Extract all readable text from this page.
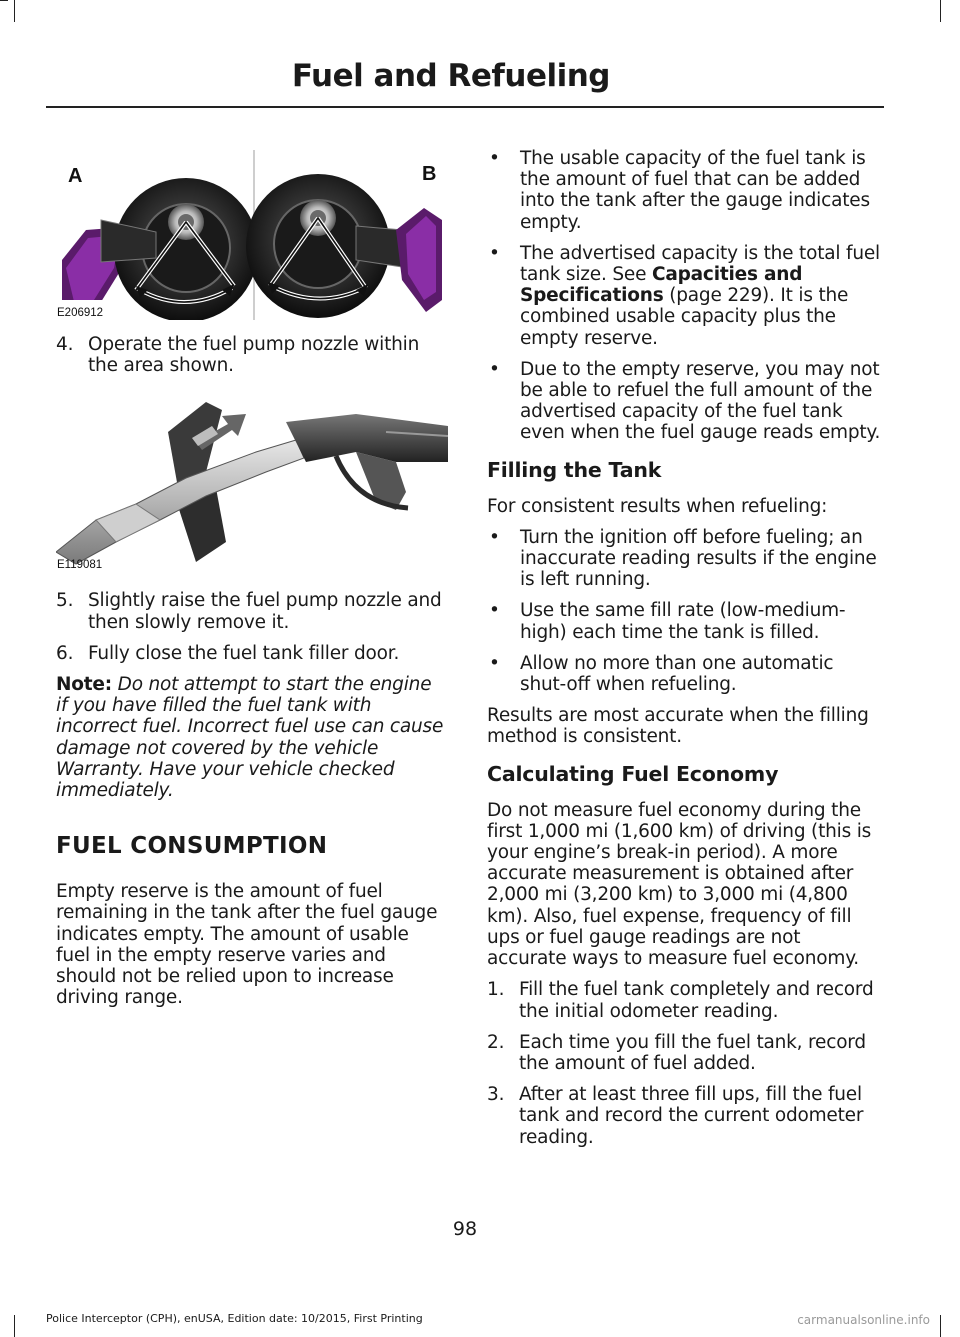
Fuel and Refueling
A	B
E206912
4. Operate the fuel pump nozzle within the area shown.
E119081
5. Slightly raise the fuel pump nozzle and then slowly remove it.
6. Fully close the fuel tank filler door.
Note: Do not attempt to start the engine if you have filled the fuel tank with incorrect fuel. Incorrect fuel use can cause damage not covered by the vehicle Warranty. Have your vehicle checked immediately.
FUEL CONSUMPTION
Empty reserve is the amount of fuel remaining in the tank after the fuel gauge indicates empty. The amount of usable fuel in the empty reserve varies and should not be relied upon to increase driving range.
• The usable capacity of the fuel tank is the amount of fuel that can be added into the tank after the gauge indicates empty.
• The advertised capacity is the total fuel tank size. See Capacities and Specifications (page 229). It is the combined usable capacity plus the empty reserve.
• Due to the empty reserve, you may not be able to refuel the full amount of the advertised capacity of the fuel tank even when the fuel gauge reads empty.
Filling the Tank
For consistent results when refueling:
• Turn the ignition off before fueling; an inaccurate reading results if the engine is left running.
• Use the same fill rate (low-medium-high) each time the tank is filled.
• Allow no more than one automatic shut-off when refueling.
Results are most accurate when the filling method is consistent.
Calculating Fuel Economy
Do not measure fuel economy during the first 1,000 mi (1,600 km) of driving (this is your engine’s break-in period). A more accurate measurement is obtained after 2,000 mi (3,200 km) to 3,000 mi (4,800 km). Also, fuel expense, frequency of fill ups or fuel gauge readings are not accurate ways to measure fuel economy.
1. Fill the fuel tank completely and record the initial odometer reading.
2. Each time you fill the fuel tank, record the amount of fuel added.
3. After at least three fill ups, fill the fuel tank and record the current odometer reading.
98
Police Interceptor (CPH), enUSA, Edition date: 10/2015, First Printing	carmanualsonline.info
